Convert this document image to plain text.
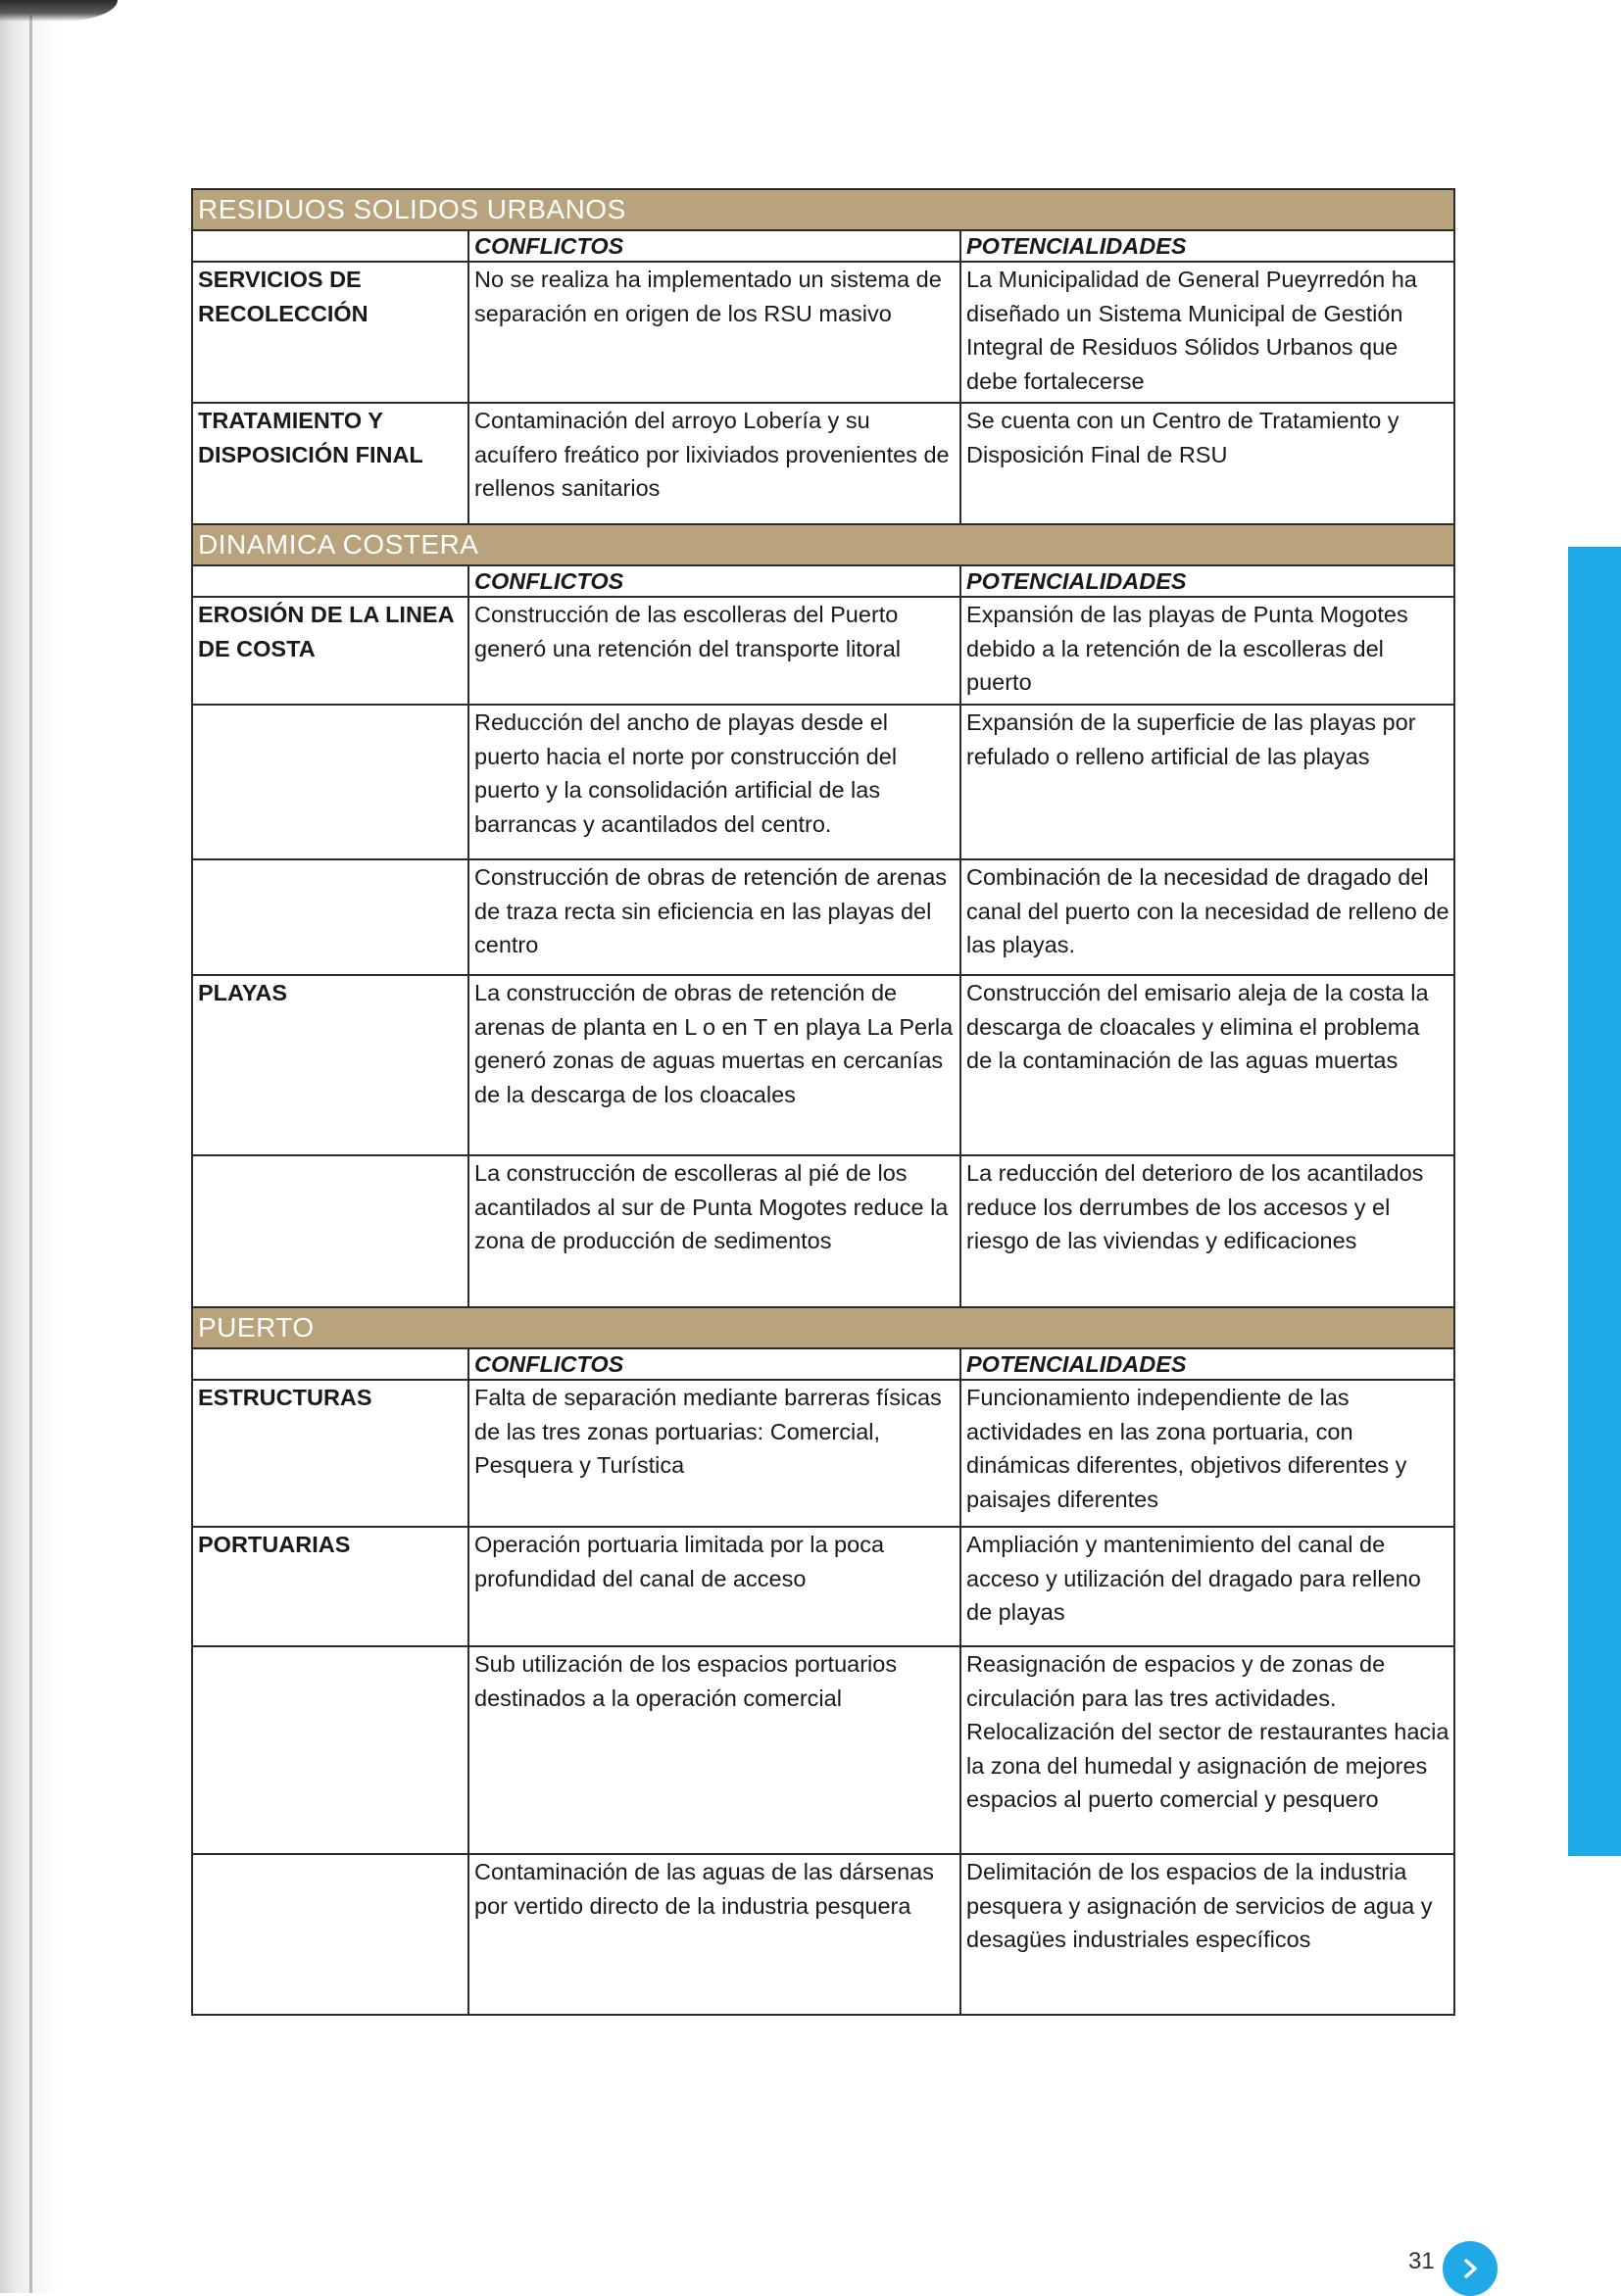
RESIDUOS SOLIDOS URBANOS		
	CONFLICTOS	POTENCIALIDADES
SERVICIOS DE RECOLECCIÓN	No se realiza ha implementado un sistema de separación en origen de los RSU masivo	La Municipalidad de General Pueyrredón ha diseñado un Sistema Municipal de Gestión Integral de Residuos Sólidos Urbanos que debe fortalecerse
TRATAMIENTO Y DISPOSICIÓN FINAL	Contaminación del arroyo Lobería y su acuífero freático por lixiviados provenientes de rellenos sanitarios	Se cuenta con un Centro de Tratamiento y Disposición Final de RSU
DINAMICA COSTERA		
	CONFLICTOS	POTENCIALIDADES
EROSIÓN DE LA LINEA DE COSTA	Construcción de las escolleras del Puerto generó una retención del transporte litoral	Expansión de las playas de Punta Mogotes debido a la retención de la escolleras del puerto
	Reducción del ancho de playas desde el puerto hacia el norte por construcción del puerto y la consolidación artificial de las barrancas y acantilados del centro.	Expansión de la superficie de las playas por refulado o relleno artificial de las playas
	Construcción de obras de retención de arenas de traza recta sin eficiencia en las playas del centro	Combinación de la necesidad de dragado del canal del puerto con la necesidad de relleno de las playas.
PLAYAS	La construcción de obras de retención de arenas de planta en L o en T en playa La Perla generó zonas de aguas muertas en cercanías de la descarga de los cloacales	Construcción del emisario aleja de la costa la descarga de cloacales y elimina el problema de la contaminación de las aguas muertas
	La construcción de escolleras al pié de los acantilados al sur de Punta Mogotes reduce la zona de producción de sedimentos	La reducción del deterioro de los acantilados reduce los derrumbes de los accesos y el riesgo de las viviendas y edificaciones
PUERTO		
	CONFLICTOS	POTENCIALIDADES
ESTRUCTURAS	Falta de separación mediante barreras físicas de las tres zonas portuarias: Comercial, Pesquera y Turística	Funcionamiento independiente de las actividades en las zona portuaria, con dinámicas diferentes, objetivos diferentes y paisajes diferentes
PORTUARIAS	Operación portuaria limitada por la poca profundidad del canal de acceso	Ampliación y mantenimiento del canal de acceso y utilización del dragado para relleno de playas
	Sub utilización de los espacios portuarios destinados a la operación comercial	Reasignación de espacios y de zonas de circulación para las tres actividades. Relocalización del sector de restaurantes hacia la zona del humedal y asignación de mejores espacios al puerto comercial y pesquero
	Contaminación de las aguas de las dársenas por vertido directo de la industria pesquera	Delimitación de los espacios de la industria pesquera y asignación de servicios de agua y desagües industriales específicos
31
